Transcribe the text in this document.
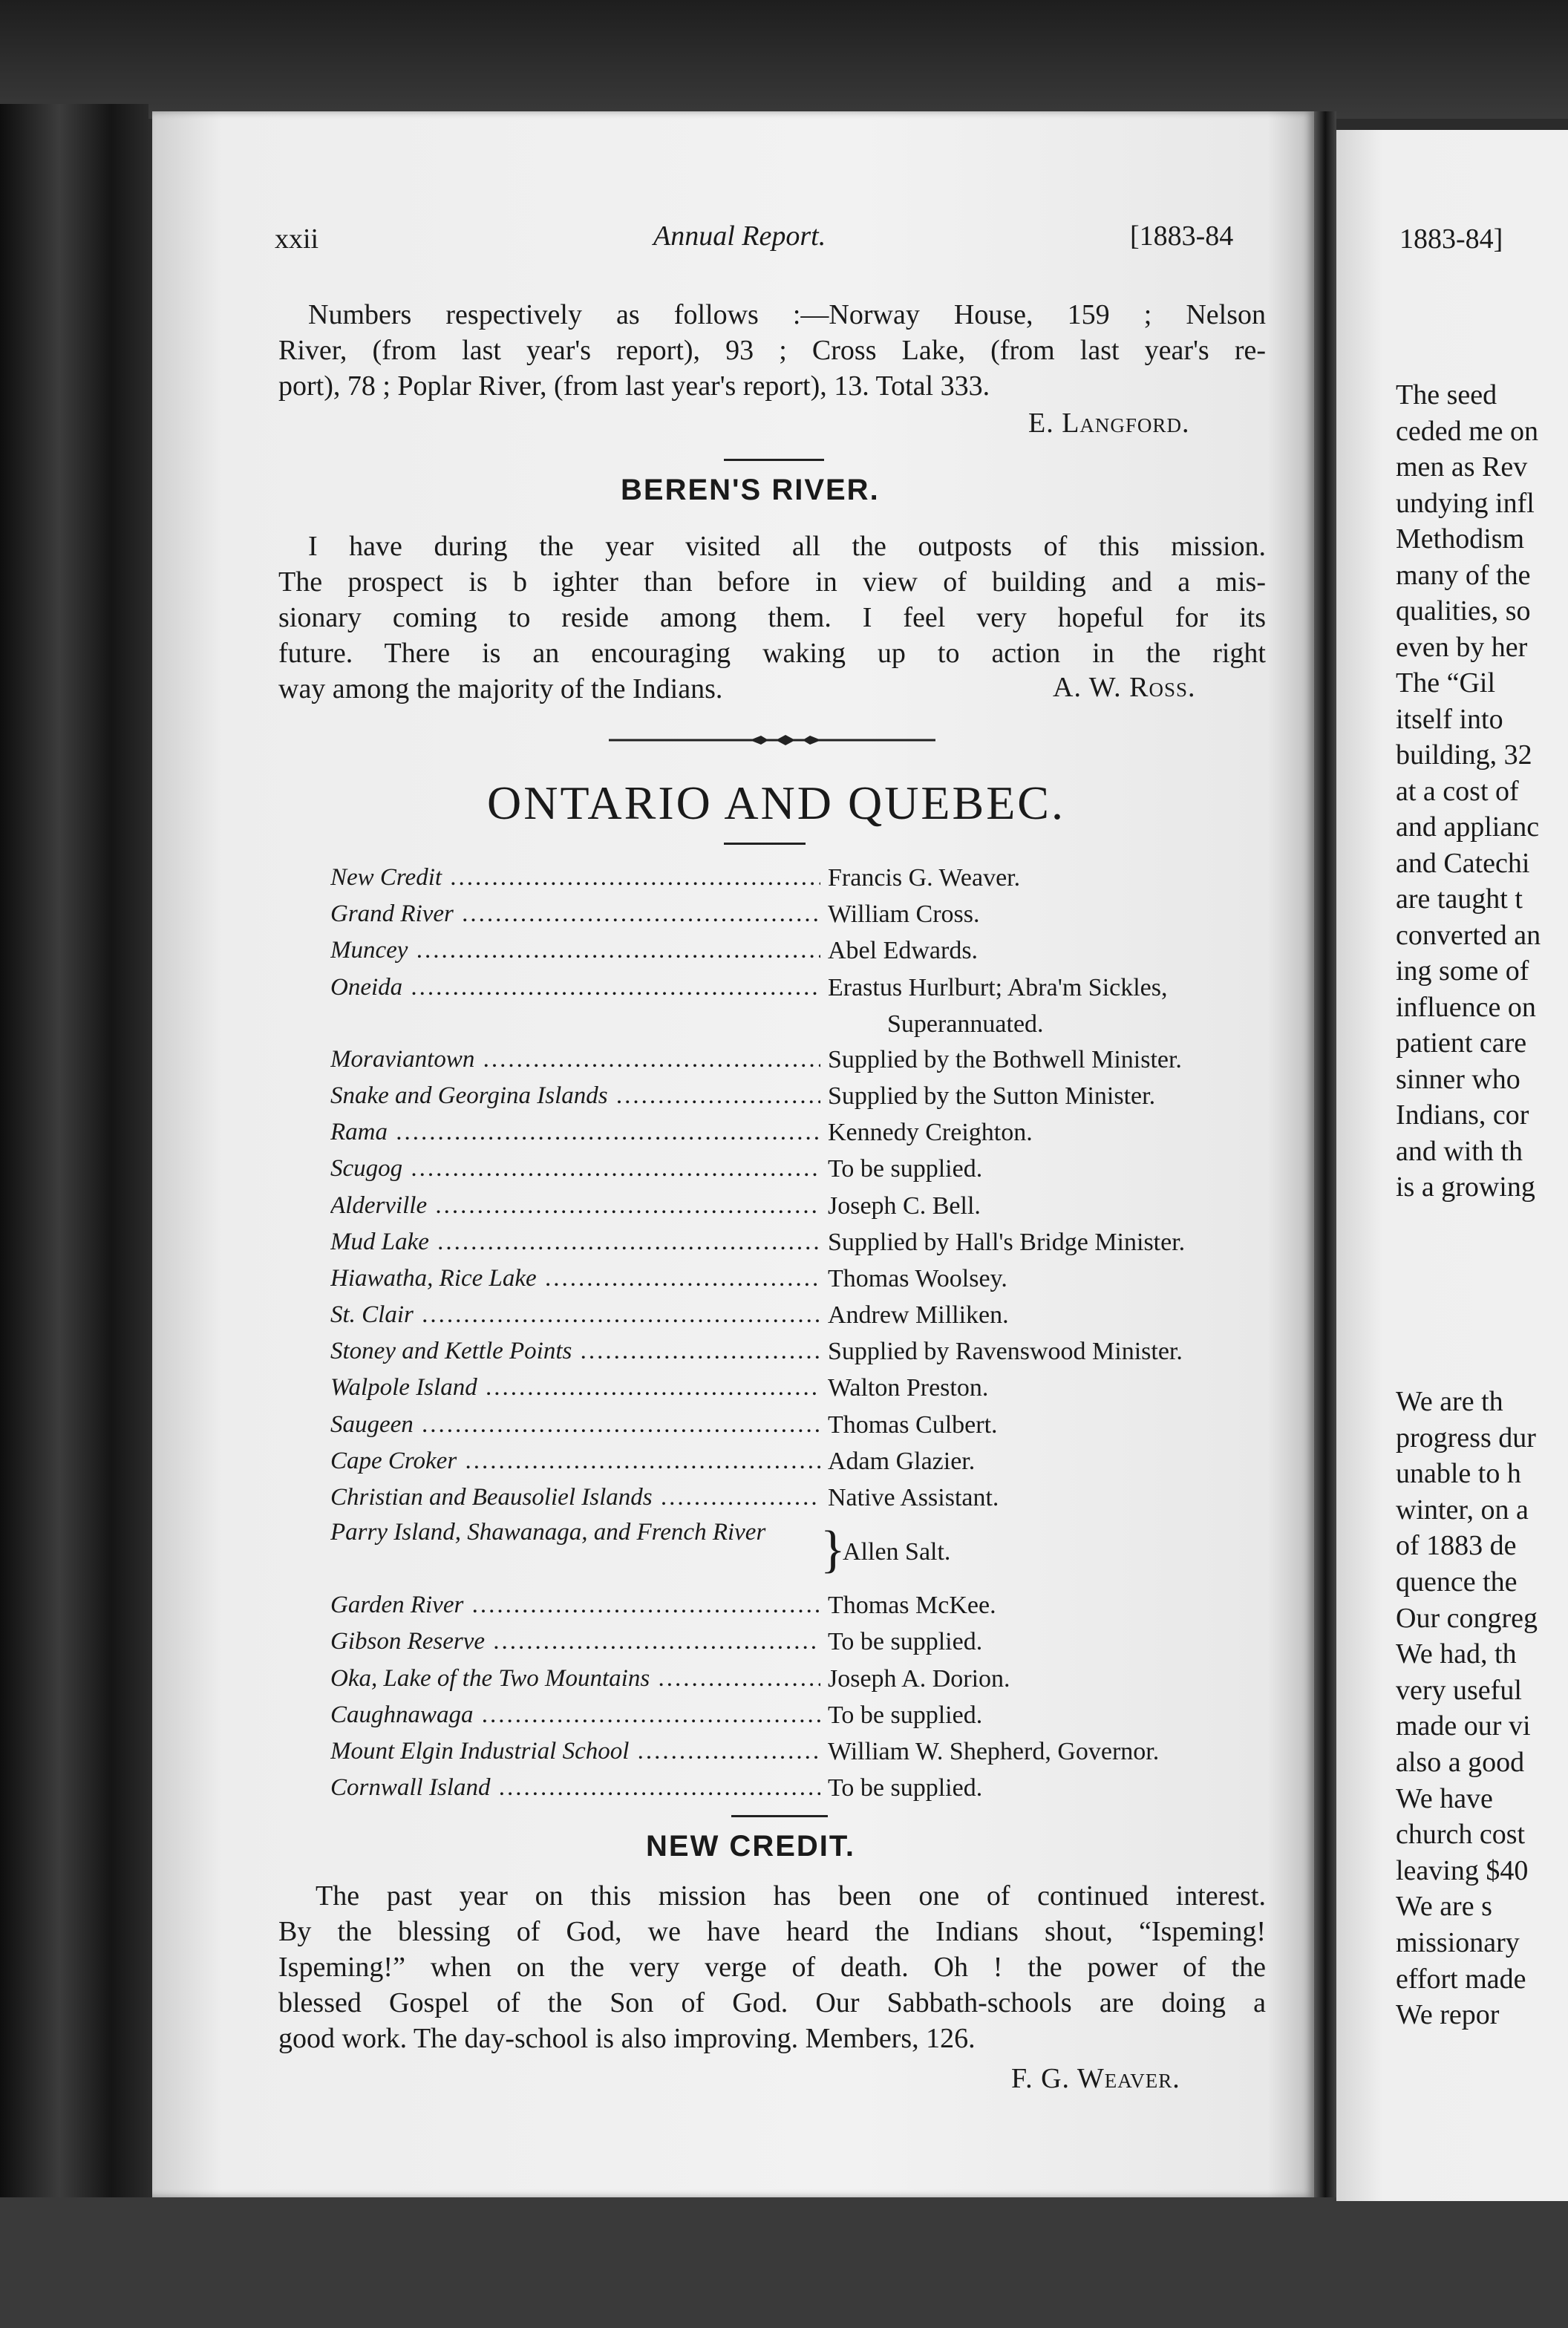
xxii	Annual Report.	[1883-84
Numbers respectively as follows :—Norway House, 159 ; Nelson
River, (from last year's report), 93 ; Cross Lake, (from last year's re-
port), 78 ; Poplar River, (from last year's report), 13. Total 333.
E. Langford.
BEREN'S RIVER.
I have during the year visited all the outposts of this mission.
The prospect is b ighter than before in view of building and a mis-
sionary coming to reside among them. I feel very hopeful for its
future. There is an encouraging waking up to action in the right
way among the majority of the Indians.	A. W. Ross.
ONTARIO AND QUEBEC.
New Credit .....	Francis G. Weaver.
Grand River .....	William Cross.
Muncey .....	Abel Edwards.
Oneida .....	Erastus Hurlburt; Abra'm Sickles,
Superannuated.
Moraviantown .....	Supplied by the Bothwell Minister.
Snake and Georgina Islands .....	Supplied by the Sutton Minister.
Rama .....	Kennedy Creighton.
Scugog .....	To be supplied.
Alderville .....	Joseph C. Bell.
Mud Lake .....	Supplied by Hall's Bridge Minister.
Hiawatha, Rice Lake .....	Thomas Woolsey.
St. Clair .....	Andrew Milliken.
Stoney and Kettle Points .....	Supplied by Ravenswood Minister.
Walpole Island .....	Walton Preston.
Saugeen .....	Thomas Culbert.
Cape Croker .....	Adam Glazier.
Christian and Beausoliel Islands .....	Native Assistant.
Parry Island, Shawanaga, and French River	}
Allen Salt.
Garden River .....	Thomas McKee.
Gibson Reserve .....	To be supplied.
Oka, Lake of the Two Mountains .....	Joseph A. Dorion.
Caughnawaga .....	To be supplied.
Mount Elgin Industrial School .....	William W. Shepherd, Governor.
Cornwall Island .....	To be supplied.
NEW CREDIT.
The past year on this mission has been one of continued interest.
By the blessing of God, we have heard the Indians shout, “Ispeming!
Ispeming!” when on the very verge of death. Oh ! the power of the
blessed Gospel of the Son of God. Our Sabbath-schools are doing a
good work. The day-school is also improving. Members, 126.
F. G. Weaver.
1883-84]
The seed
ceded me on
men as Rev
undying infl
Methodism
many of the
qualities, so
even by her
The “Gil
itself into
building, 32
at a cost of
and applianc
and Catechi
are taught t
converted an
ing some of
influence on
patient care
sinner who
Indians, cor
and with th
is a growing
We are th
progress dur
unable to h
winter, on a
of 1883 de
quence the
Our congreg
We had, th
very useful
made our vi
also a good
We have
church cost
leaving $40
We are s
missionary
effort made
We repor
